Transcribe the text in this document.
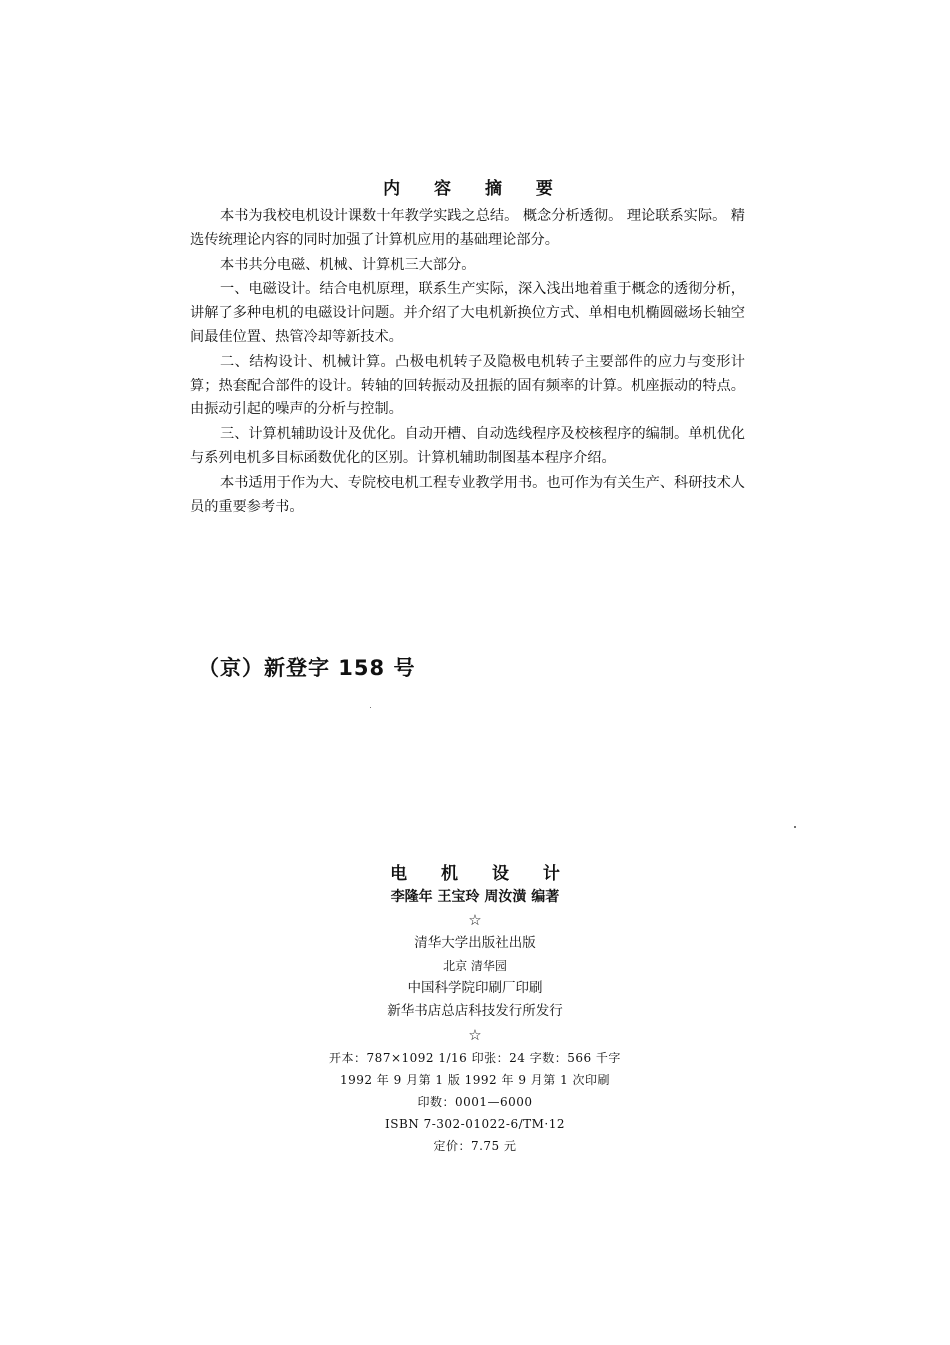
内 容 摘 要

本书为我校电机设计课数十年教学实践之总结。 概念分析透彻。 理论联系实际。 精选传统理论内容的同时加强了计算机应用的基础理论部分。

本书共分电磁、机械、计算机三大部分。

一、电磁设计。结合电机原理，联系生产实际，深入浅出地着重于概念的透彻分析，讲解了多种电机的电磁设计问题。并介绍了大电机新换位方式、单相电机椭圆磁场长轴空间最佳位置、热管冷却等新技术。

二、结构设计、机械计算。凸极电机转子及隐极电机转子主要部件的应力与变形计算；热套配合部件的设计。转轴的回转振动及扭振的固有频率的计算。机座振动的特点。由振动引起的噪声的分析与控制。

三、计算机辅助设计及优化。自动开槽、自动选线程序及校核程序的编制。单机优化与系列电机多目标函数优化的区别。计算机辅助制图基本程序介绍。

本书适用于作为大、专院校电机工程专业教学用书。也可作为有关生产、科研技术人员的重要参考书。

（京）新登字 158 号
电 机 设 计
李隆年 王宝玲 周汝潢 编著
☆
清华大学出版社出版
北京 清华园
中国科学院印刷厂印刷
新华书店总店科技发行所发行
☆
开本：787×1092 1/16 印张：24 字数：566 千字
1992 年 9 月第 1 版 1992 年 9 月第 1 次印刷
印数：0001—6000
ISBN 7-302-01022-6/TM·12
定价：7.75 元
